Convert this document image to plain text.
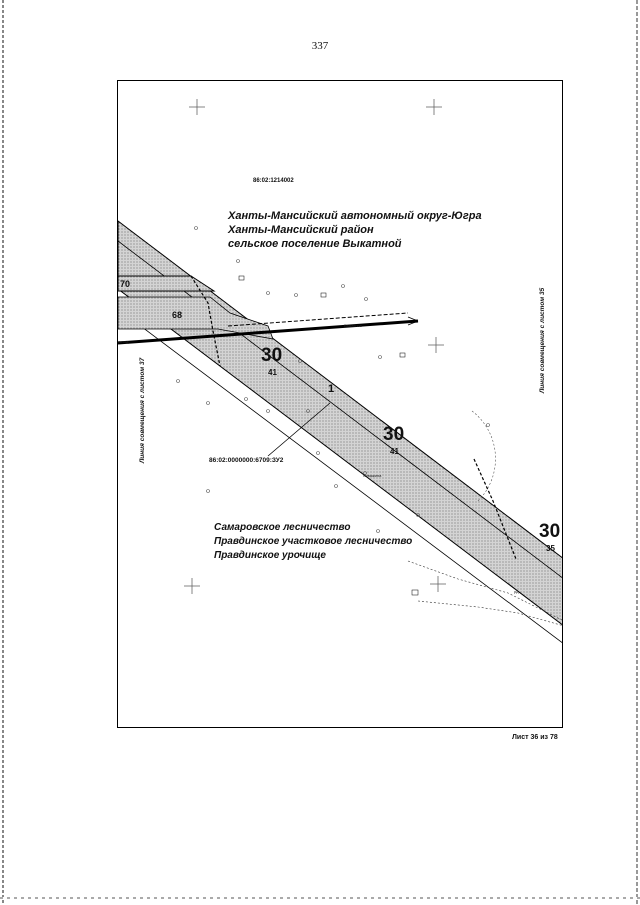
337
86:02:1214002
Ханты-Мансийский автономный округ-Югра
Ханты-Мансийский район
сельское поселение Выкатной
70
68
1
автод
Выкатное
Скважина
рд
30
41
30
41
30
35
86:02:0000000:6709:ЗУ2
Самаровское лесничество
Правдинское участковое лесничество
Правдинское урочище
Линия совмещения с листом 37
Линия совмещения с листом 35
Лист 36 из 78
